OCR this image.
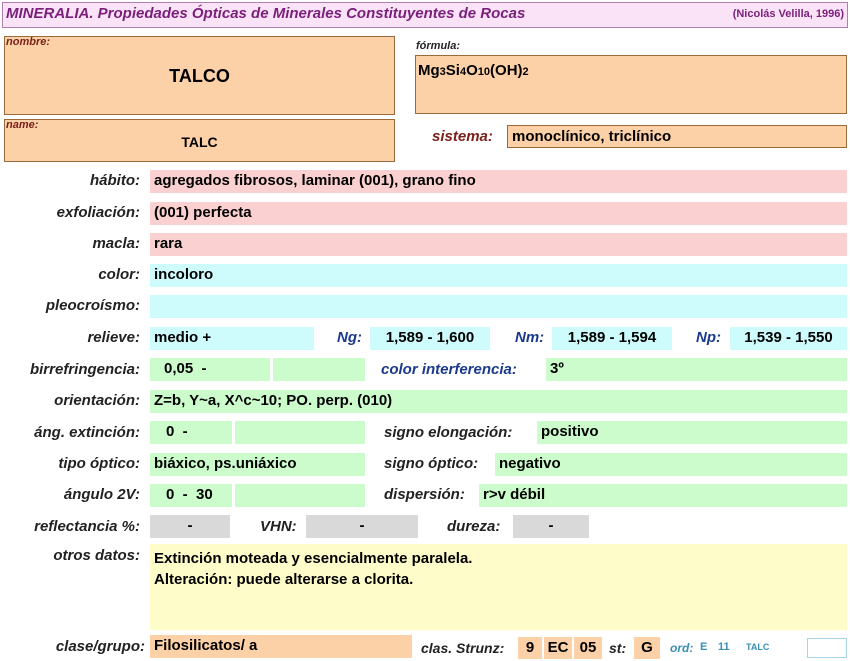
MINERALIA. Propiedades Ópticas de Minerales Constituyentes de Rocas	(Nicolás Velilla, 1996)
nombre:
TALCO
name:
TALC
fórmula:
Mg3Si4O10(OH)2
sistema:	monoclínico, triclínico
hábito: agregados fibrosos, laminar (001), grano fino
exfoliación: (001) perfecta
macla: rara
color: incoloro
pleocroísmo:
relieve: medio +	Ng:	1,589 - 1,600	Nm:	1,589 - 1,594	Np:	1,539 - 1,550
birrefringencia:	0,05  -	color interferencia: 3º
orientación: Z=b, Y~a, X^c~10; PO. perp. (010)
áng. extinción:	0  -	signo elongación: positivo
tipo óptico: biáxico, ps.uniáxico	signo óptico: negativo
ángulo 2V:	0  -  30	dispersión: r>v débil
reflectancia %:	-	VHN:	-	dureza:	-
otros datos: Extinción moteada y esencialmente paralela.
Alteración: puede alterarse a clorita.
clase/grupo: Filosilicatos/ a	clas. Strunz:	9 EC 05 st:	G	ord: E 11 TALC
